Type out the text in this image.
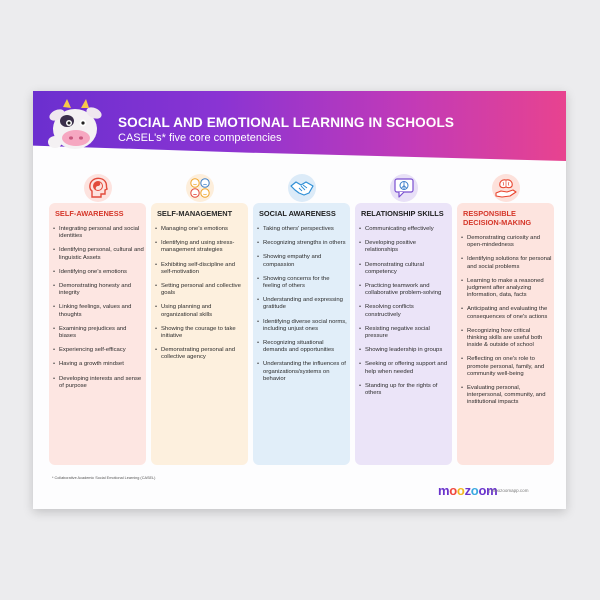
SOCIAL AND EMOTIONAL LEARNING IN SCHOOLS
CASEL's* five core competencies
SELF-AWARENESS
• Integrating personal and social identities
• Identifying personal, cultural and linguistic Assets
• Identifying one's emotions
• Demonstrating honesty and integrity
• Linking feelings, values and thoughts
• Examining prejudices and biases
• Experiencing self-efficacy
• Having a growth mindset
• Developing interests and sense of purpose
SELF-MANAGEMENT
• Managing one's emotions
• Identifying and using stress-management strategies
• Exhibiting self-discipline and self-motivation
• Setting personal and collective goals
• Using planning and organizational skills
• Showing the courage to take initiative
• Demonstrating personal and collective agency
SOCIAL AWARENESS
• Taking others' perspectives
• Recognizing strengths in others
• Showing empathy and compassion
• Showing concerns for the feeling of others
• Understanding and expressing gratitude
• Identifying diverse social norms, including unjust ones
• Recognizing situational demands and opportunities
• Understanding the influences of organizations/systems on behavior
RELATIONSHIP SKILLS
• Communicating effectively
• Developing positive relationships
• Demonstrating cultural competency
• Practicing teamwork and collaborative problem-solving
• Resolving conflicts constructively
• Resisting negative social pressure
• Showing leadership in groups
• Seeking or offering support and help when needed
• Standing up for the rights of others
RESPONSIBLE DECISION-MAKING
• Demonstrating curiosity and open-mindedness
• Identifying solutions for personal and social problems
• Learning to make a reasoned judgment after analyzing information, data, facts
• Anticipating and evaluating the consequences of one's actions
• Recognizing how critical thinking skills are useful both inside & outside of school
• Reflecting on one's role to promote personal, family, and community well-being
• Evaluating personal, interpersonal, community, and institutional impacts
* Collaborative Academic Social Emotional Learning (CASEL)
moozoom
| moozoomapp.com
